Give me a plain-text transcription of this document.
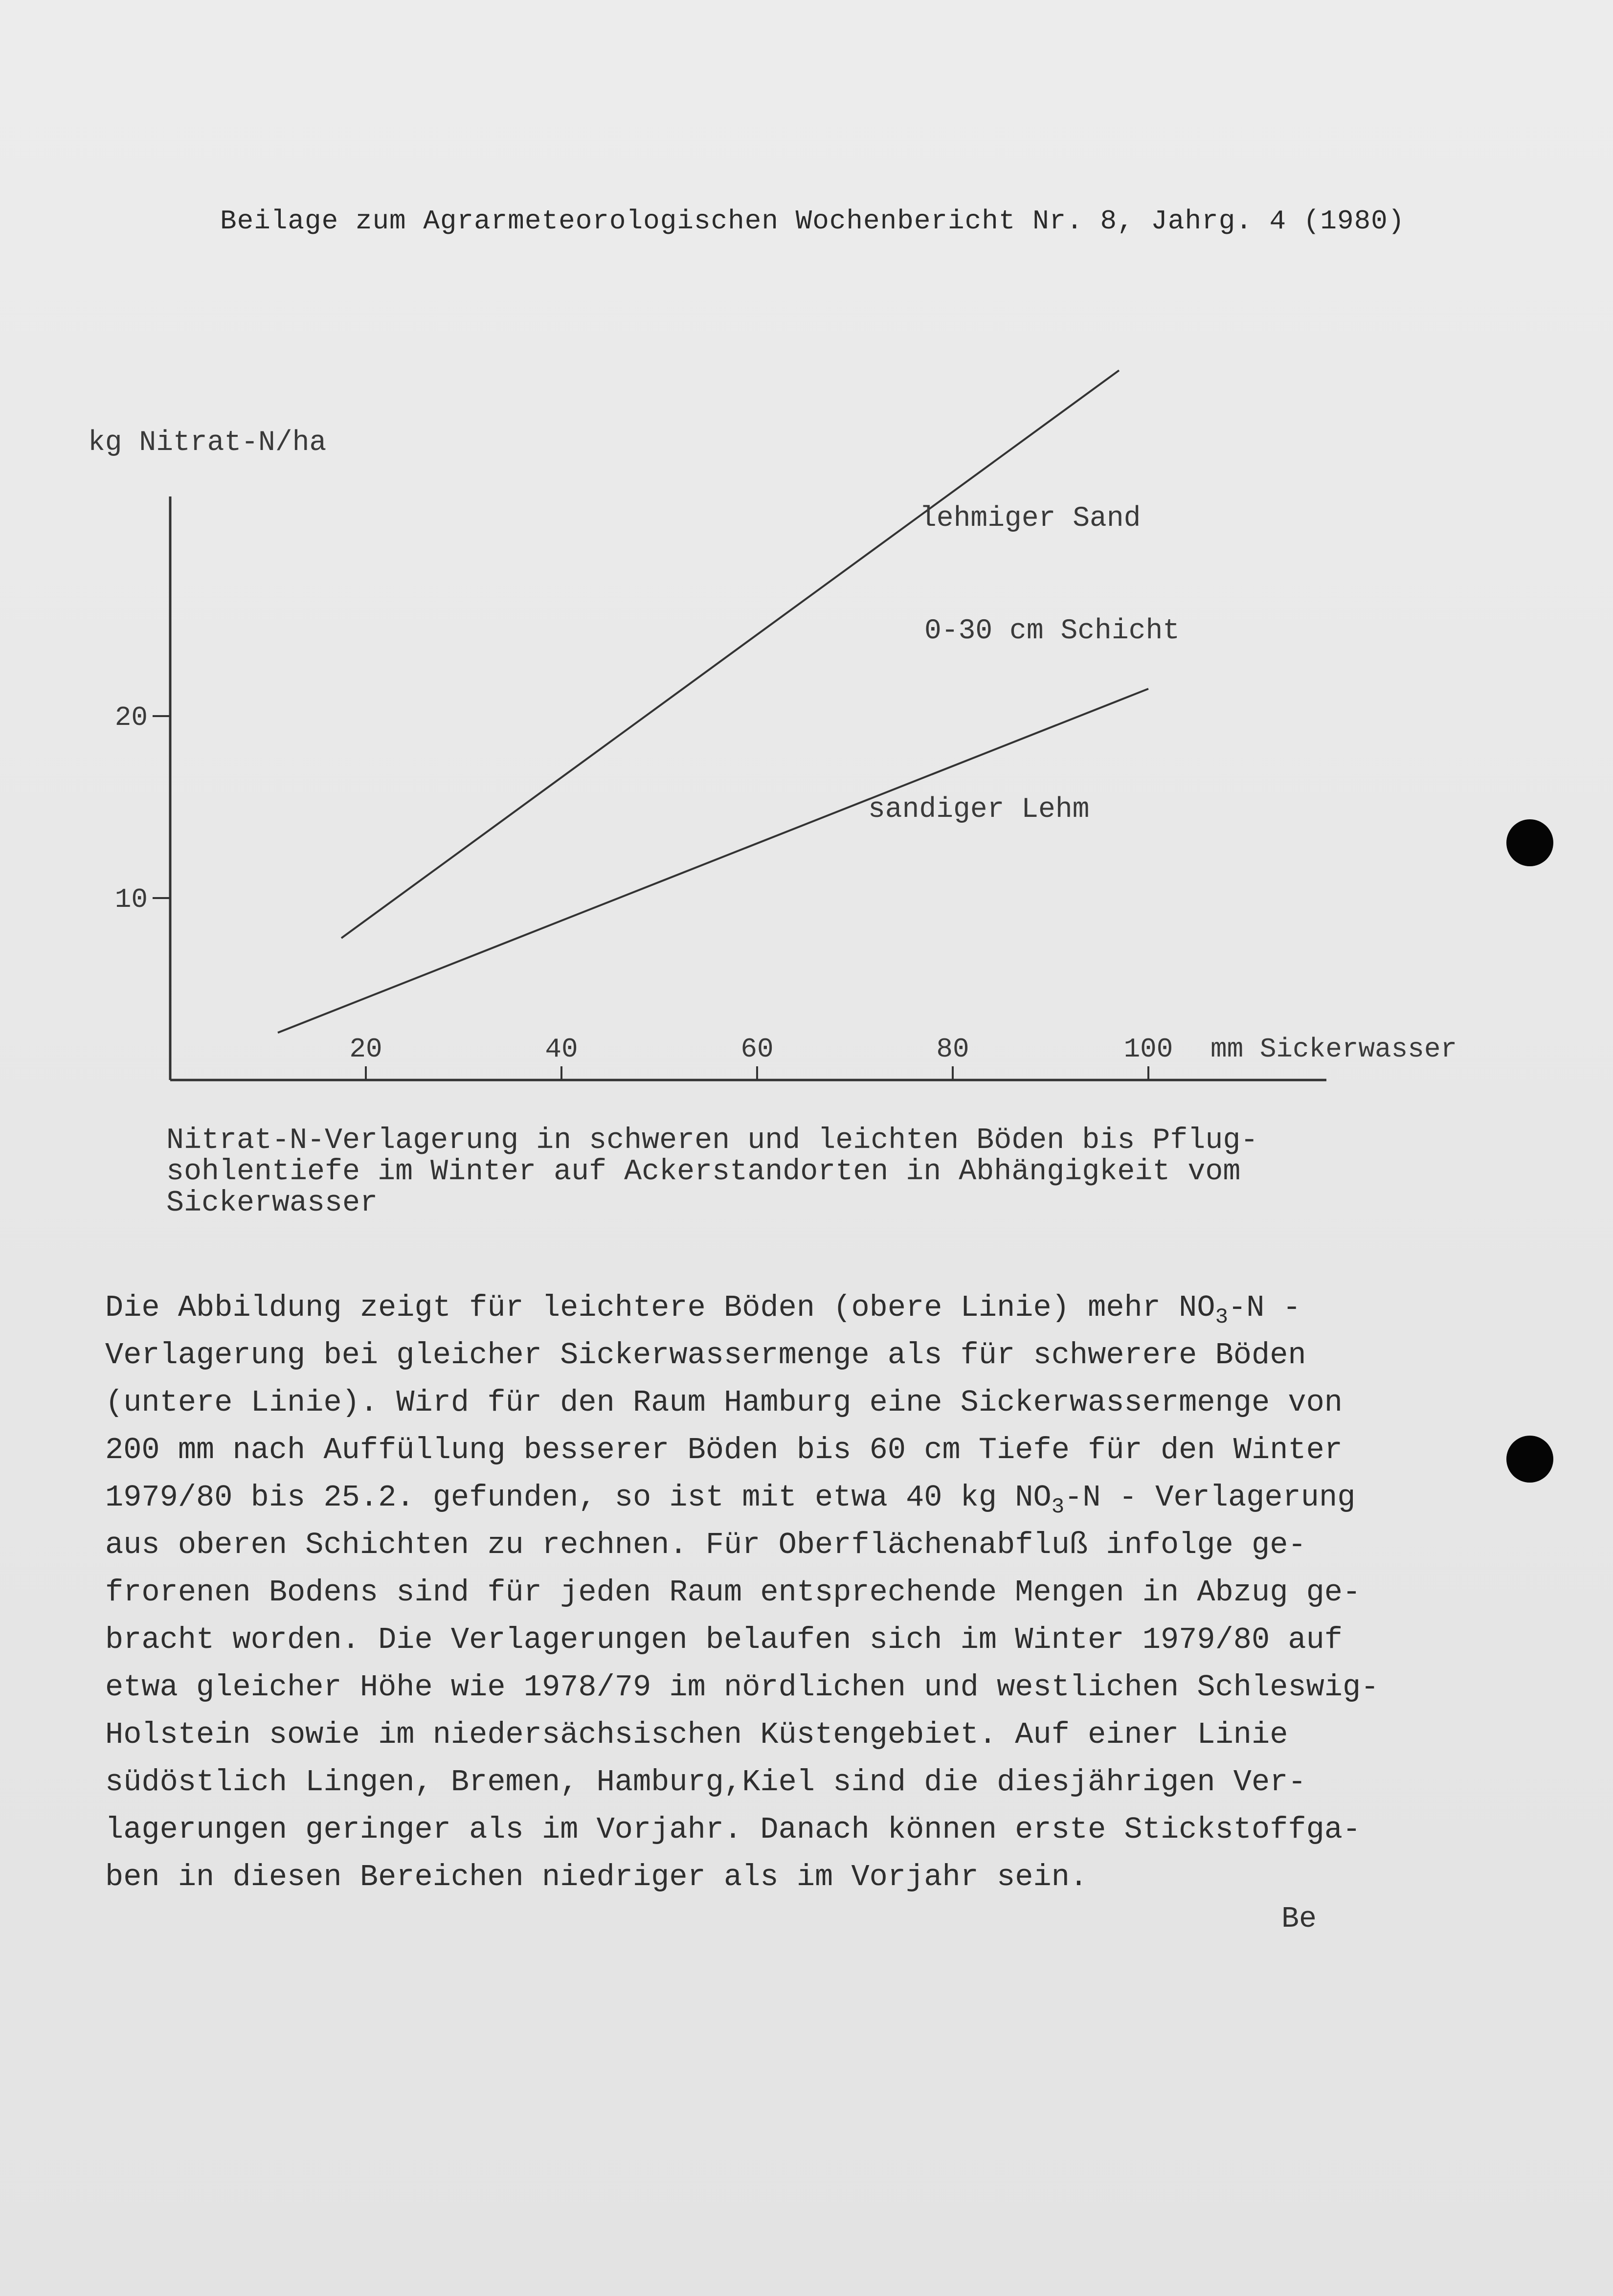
Beilage zum Agrarmeteorologischen Wochenbericht Nr. 8, Jahrg. 4 (1980)
kg Nitrat-N/ha
10
20
20	40	60	80	100 mm Sickerwasser
0-30 cm Schicht
lehmiger Sand
sandiger Lehm

Nitrat-N-Verlagerung in schweren und leichten Böden bis Pflug-

sohlentiefe im Winter auf Ackerstandorten in Abhängigkeit vom

Sickerwasser

Die Abbildung zeigt für leichtere Böden (obere Linie) mehr $NO_3-N$ -

Verlagerung bei gleicher Sickerwassermenge als für schwerere Böden

(untere Linie). Wird für den Raum Hamburg eine Sickerwassermenge von

200 mm nach Auffüllung besserer Böden bis 60 cm Tiefe für den Winter

1979/80 bis 25.2. gefunden, so ist mit etwa 40 kg $NO_3-N$ - Verlagerung

aus oberen Schichten zu rechnen. Für Oberflächenabfluß infolge ge-

frorenen Bodens sind für jeden Raum entsprechende Mengen in Abzug ge-

bracht worden. Die Verlagerungen belaufen sich im Winter 1979/80 auf

etwa gleicher Höhe wie 1978/79 im nördlichen und westlichen Schleswig-

Holstein sowie im niedersächsischen Küstengebiet. Auf einer Linie

südöstlich Lingen, Bremen, Hamburg,Kiel sind die diesjährigen Ver-

lagerungen geringer als im Vorjahr. Danach können erste Stickstoffga-

ben in diesen Bereichen niedriger als im Vorjahr sein.

Be
